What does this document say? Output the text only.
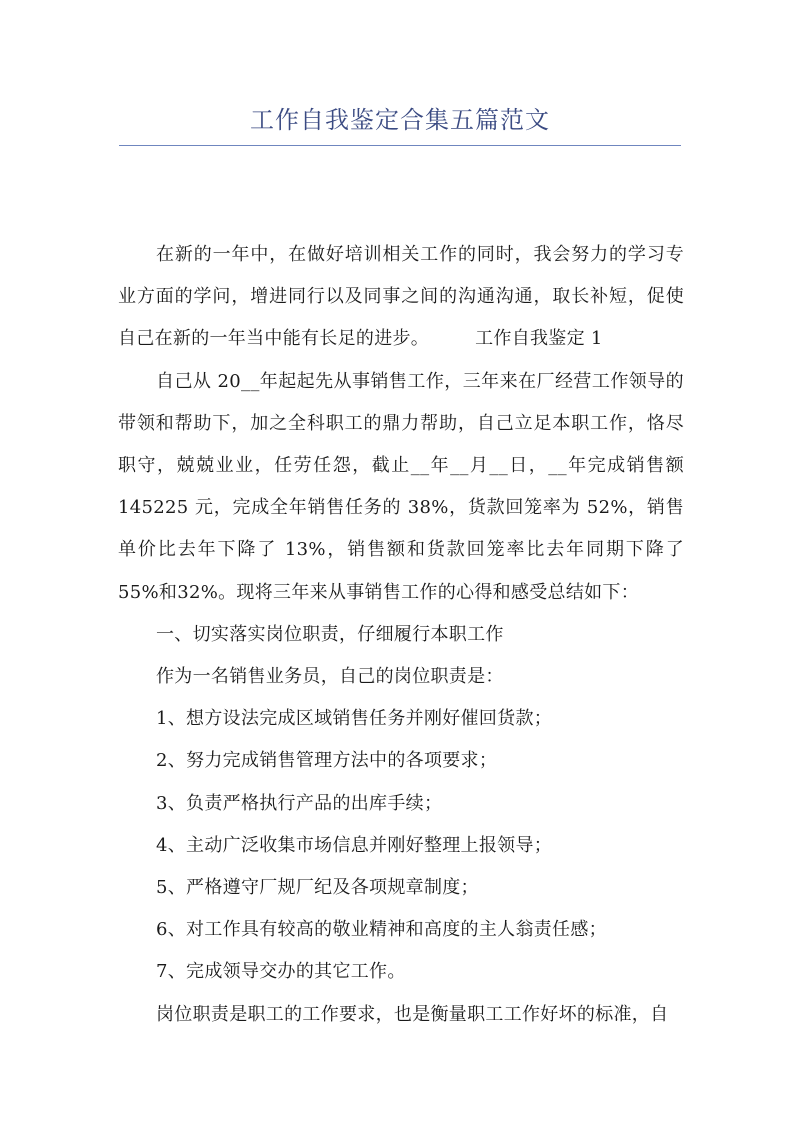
工作自我鉴定合集五篇范文

在新的一年中，在做好培训相关工作的同时，我会努力的学习专业方面的学问，增进同行以及同事之间的沟通沟通，取长补短，促使自己在新的一年当中能有长足的进步。	工作自我鉴定 1

自己从 20__年起起先从事销售工作，三年来在厂经营工作领导的带领和帮助下，加之全科职工的鼎力帮助，自己立足本职工作，恪尽职守，兢兢业业，任劳任怨，截止__年__月__日，__年完成销售额145225 元，完成全年销售任务的 38%，货款回笼率为 52%，销售单价比去年下降了 13%，销售额和货款回笼率比去年同期下降了 55%和32%。现将三年来从事销售工作的心得和感受总结如下：

一、切实落实岗位职责，仔细履行本职工作

作为一名销售业务员，自己的岗位职责是：

1、想方设法完成区域销售任务并刚好催回货款；

2、努力完成销售管理方法中的各项要求；

3、负责严格执行产品的出库手续；

4、主动广泛收集市场信息并刚好整理上报领导；

5、严格遵守厂规厂纪及各项规章制度；

6、对工作具有较高的敬业精神和高度的主人翁责任感；

7、完成领导交办的其它工作。

岗位职责是职工的工作要求，也是衡量职工工作好坏的标准，自
